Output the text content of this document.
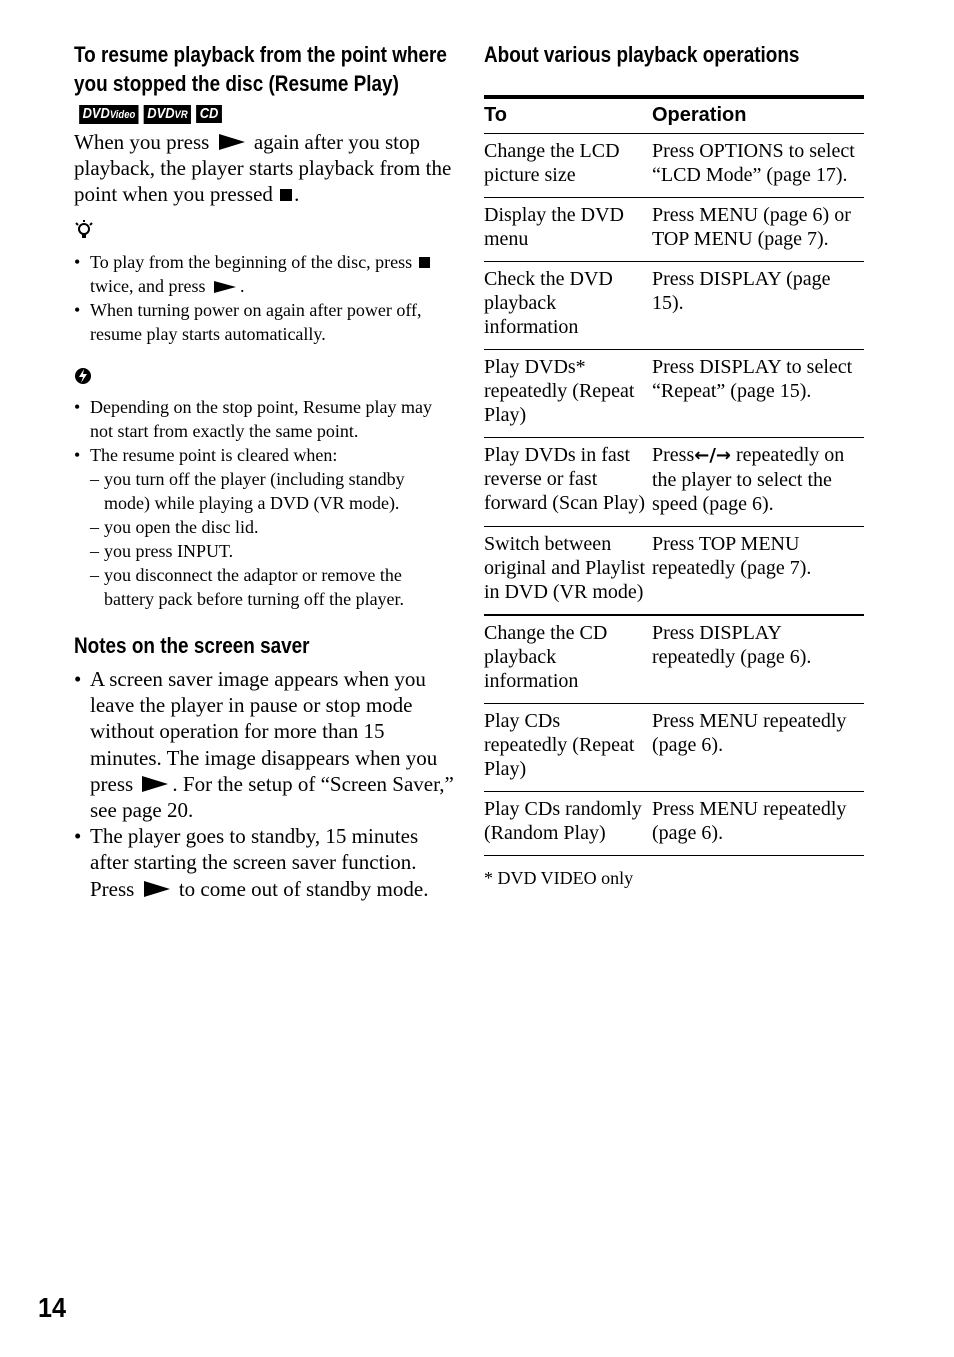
To resume playback from the point where you stopped the disc (Resume Play)DVDVideo DVDVR CD

When you press again after you stop playback, the player starts playback from the point when you pressed .

• To play from the beginning of the disc, press  twice, and press .
• When turning power on again after power off, resume play starts automatically.
• Depending on the stop point, Resume play may not start from exactly the same point.
• The resume point is cleared when:
– you turn off the player (including standby mode) while playing a DVD (VR mode).
– you open the disc lid.
– you press INPUT.
– you disconnect the adaptor or remove the battery pack before turning off the player.
Notes on the screen saver
• A screen saver image appears when you leave the player in pause or stop mode without operation for more than 15 minutes. The image disappears when you press . For the setup of “Screen Saver,” see page 20.
• The player goes to standby, 15 minutes after starting the screen saver function. Press to come out of standby mode.
About various playback operations
To	Operation
Change the LCD picture size	Press OPTIONS to select “LCD Mode” (page 17).
Display the DVD menu	Press MENU (page 6) or TOP MENU (page 7).
Check the DVD playback information	Press DISPLAY (page 15).
Play DVDs* repeatedly (Repeat Play)	Press DISPLAY to select “Repeat” (page 15).
Play DVDs in fast reverse or fast forward (Scan Play)	Press←/→ repeatedly on the player to select the speed (page 6).
Switch between original and Playlist in DVD (VR mode)	Press TOP MENU repeatedly (page 7).
Change the CD playback information	Press DISPLAY repeatedly (page 6).
Play CDs repeatedly (Repeat Play)	Press MENU repeatedly (page 6).
Play CDs randomly (Random Play)	Press MENU repeatedly (page 6).
* DVD VIDEO only
14
